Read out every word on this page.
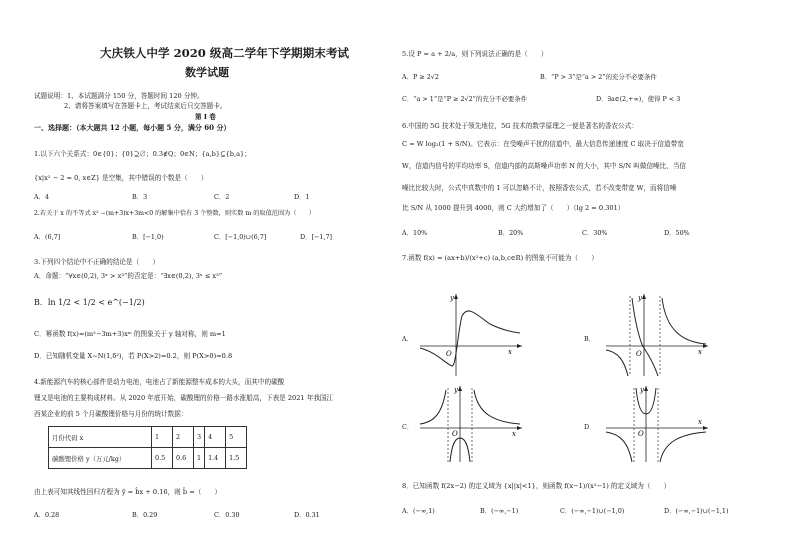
大庆铁人中学 2020 级高二学年下学期期末考试
数学试题
试题说明：1、本试题满分 150 分，答题时间 120 分钟。
2、请将答案填写在答题卡上，考试结束后只交答题卡。
第 I 卷
一、选择题：（本大题共 12 小题，每小题 5 分，满分 60 分）
1.以下六个关系式：0∈{0}；{0}⊇∅；0.3∉Q；0∈N；{a,b}⊆{b,a}；
{x|x² − 2 = 0, x∈Z} 是空集，其中错误的个数是（　　）
A．4	B．3	C．2	D．1
2.若关于 x 的不等式 x² −(m+3)x+3m<0 的解集中恰有 3 个整数，则实数 m 的取值范围为（　　）
A．(6,7]	B．[−1,0)	C．[−1,0)∪(6,7]	D．[−1,7]
3.下列四个结论中不正确的结论是（　　）
A．命题：“∀x∈(0,2), 3ˣ > x³”的否定是：“∃x∈(0,2), 3ˣ ≤ x³”
B．ln 1/2 < 1/2 < e^(−1/2)
C．幂函数 f(x)=(m²−3m+3)xᵐ 的图象关于 y 轴对称，则 m=1
D．已知随机变量 X~N(1,δ²)，若 P(X>2)=0.2，则 P(X>0)=0.8
4.新能源汽车的核心部件是动力电池，电池占了新能源整车成本的大头，而其中的碳酸
锂又是电池的主要构成材料。从 2020 年底开始，碳酸锂的价格一路水涨船高，下表是 2021 年我国江
西某企业的前 5 个月碳酸锂价格与月份的统计数据：
月份代码 x	1	2	3	4	5
碳酸锂价格 y（万元/kg）	0.5	0.6	1	1.4	1.5
由上表可知其线性回归方程为 ŷ = b̂x + 0.16，则 b̂ =（　　）
A．0.28	B．0.29	C．0.30	D．0.31
5.设 P = a + 2/a，则下列说法正确的是（　　）
A．P ≥ 2√2	B．“P > 3”是“a > 2”的充分不必要条件
C．“a > 1”是“P ≥ 2√2”的充分不必要条件	D．∃a∈(2,+∞)，使得 P < 3
6.中国的 5G 技术处于领先地位，5G 技术的数学原理之一便是著名的香农公式：
C = W log₂(1 + S/N)。它表示：在受噪声干扰的信道中，最大信息传递速度 C 取决于信道带宽
W，信道内信号的平均功率 S，信道内部的高斯噪声功率 N 的大小，其中 S/N 叫做信噪比，当信
噪比比较大时，公式中真数中的 1 可以忽略不计，按照香农公式，若不改变带宽 W，而将信噪
比 S/N 从 1000 提升到 4000，则 C 大约增加了（　　）（lg 2 = 0.301）
A．10%	B．20%	C．30%	D．50%
7.函数 f(x) = (ax+b)/(x²+c) (a,b,c∈R) 的图象不可能为（　　）
A．
x
y
O
B．
x
y
O
C．
x
y
O
D．
x
y
O
8．已知函数 f(2x−2) 的定义域为 {x||x|<1}，则函数 f(x−1)/(x²−1) 的定义域为（　　）
A．(−∞,1)	B．(−∞,−1)	C．(−∞,−1)∪(−1,0)	D．(−∞,−1)∪(−1,1)
